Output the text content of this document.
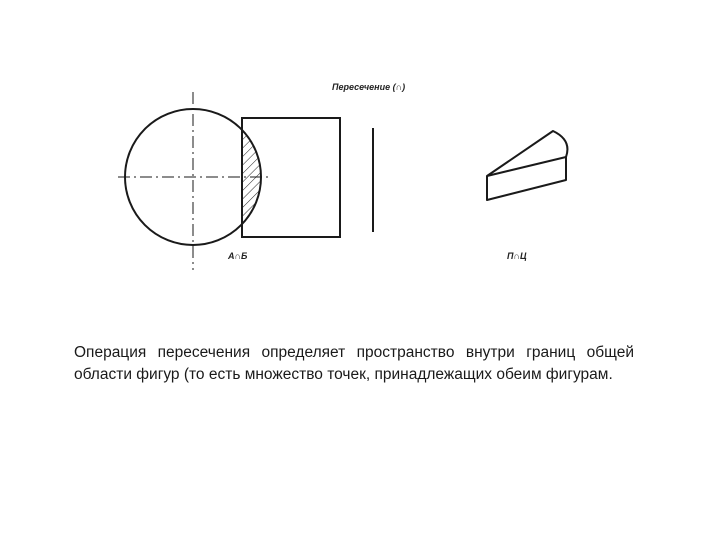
Пересечение (∩)
А∩Б	П∩Ц
Операция пересечения определяет пространство внутри границ общей области фигур (то есть множество точек, принадлежащих обеим фигурам.
